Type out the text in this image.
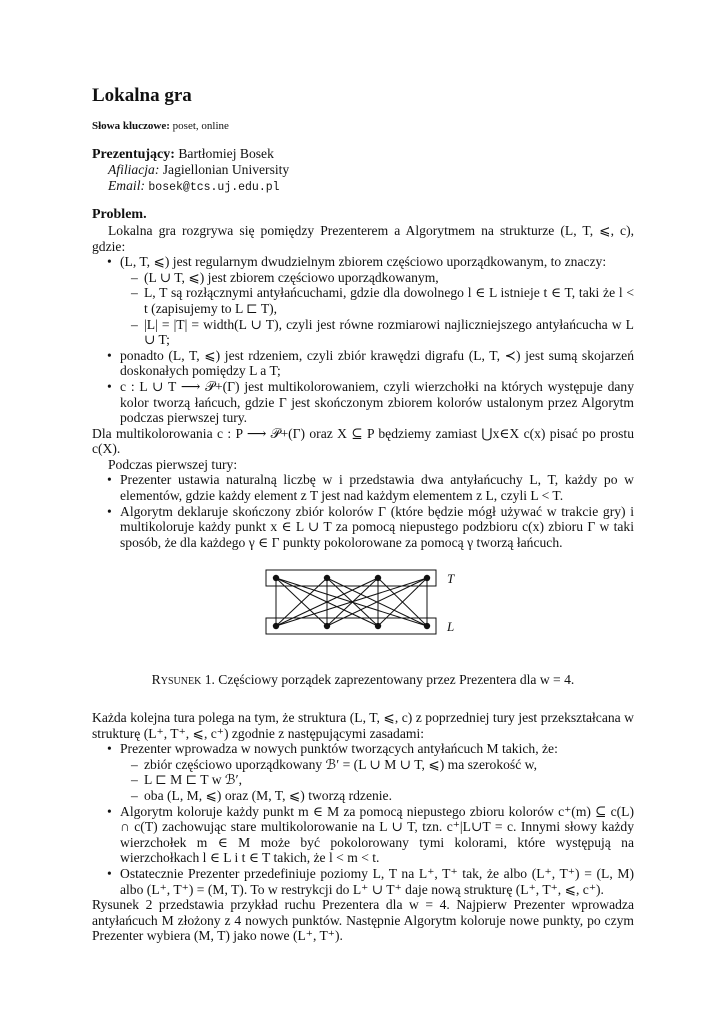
Lokalna gra
Słowa kluczowe: poset, online
Prezentujący: Bartłomiej Bosek
Afiliacja: Jagiellonian University
Email: bosek@tcs.uj.edu.pl
Problem.

Lokalna gra rozgrywa się pomiędzy Prezenterem a Algorytmem na strukturze (L, T, ⩽, c), gdzie:

• (L, T, ⩽) jest regularnym dwudzielnym zbiorem częściowo uporządkowanym, to znaczy:
– (L ∪ T, ⩽) jest zbiorem częściowo uporządkowanym,
– L, T są rozłącznymi antyłańcuchami, gdzie dla dowolnego l ∈ L istnieje t ∈ T, taki że l < t (zapisujemy to L ⊏ T),
– |L| = |T| = width(L ∪ T), czyli jest równe rozmiarowi najliczniejszego antyłańcucha w L ∪ T;
• ponadto (L, T, ⩽) jest rdzeniem, czyli zbiór krawędzi digrafu (L, T, ≺) jest sumą skojarzeń doskonałych pomiędzy L a T;
• c : L ∪ T ⟶ 𝒫+(Γ) jest multikolorowaniem, czyli wierzchołki na których występuje dany kolor tworzą łańcuch, gdzie Γ jest skończonym zbiorem kolorów ustalonym przez Algorytm podczas pierwszej tury.

Dla multikolorowania c : P ⟶ 𝒫+(Γ) oraz X ⊆ P będziemy zamiast ⋃x∈X c(x) pisać po prostu c(X).

Podczas pierwszej tury:

• Prezenter ustawia naturalną liczbę w i przedstawia dwa antyłańcuchy L, T, każdy po w elementów, gdzie każdy element z T jest nad każdym elementem z L, czyli L < T.
• Algorytm deklaruje skończony zbiór kolorów Γ (które będzie mógł używać w trakcie gry) i multikoloruje każdy punkt x ∈ L ∪ T za pomocą niepustego podzbioru c(x) zbioru Γ w taki sposób, że dla każdego γ ∈ Γ punkty pokolorowane za pomocą γ tworzą łańcuch.
T
L
Rysunek 1. Częściowy porządek zaprezentowany przez Prezentera dla w = 4.

Każda kolejna tura polega na tym, że struktura (L, T, ⩽, c) z poprzedniej tury jest przekształcana w strukturę (L⁺, T⁺, ⩽, c⁺) zgodnie z następującymi zasadami:

• Prezenter wprowadza w nowych punktów tworzących antyłańcuch M takich, że:
– zbiór częściowo uporządkowany ℬ′ = (L ∪ M ∪ T, ⩽) ma szerokość w,
– L ⊏ M ⊏ T w ℬ′,
– oba (L, M, ⩽) oraz (M, T, ⩽) tworzą rdzenie.
• Algorytm koloruje każdy punkt m ∈ M za pomocą niepustego zbioru kolorów c⁺(m) ⊆ c(L) ∩ c(T) zachowując stare multikolorowanie na L ∪ T, tzn. c⁺|L∪T = c. Innymi słowy każdy wierzchołek m ∈ M może być pokolorowany tymi kolorami, które występują na wierzchołkach l ∈ L i t ∈ T takich, że l < m < t.
• Ostatecznie Prezenter przedefiniuje poziomy L, T na L⁺, T⁺ tak, że albo (L⁺, T⁺) = (L, M) albo (L⁺, T⁺) = (M, T). To w restrykcji do L⁺ ∪ T⁺ daje nową strukturę (L⁺, T⁺, ⩽, c⁺).

Rysunek 2 przedstawia przykład ruchu Prezentera dla w = 4. Najpierw Prezenter wprowadza antyłańcuch M złożony z 4 nowych punktów. Następnie Algorytm koloruje nowe punkty, po czym Prezenter wybiera (M, T) jako nowe (L⁺, T⁺).
